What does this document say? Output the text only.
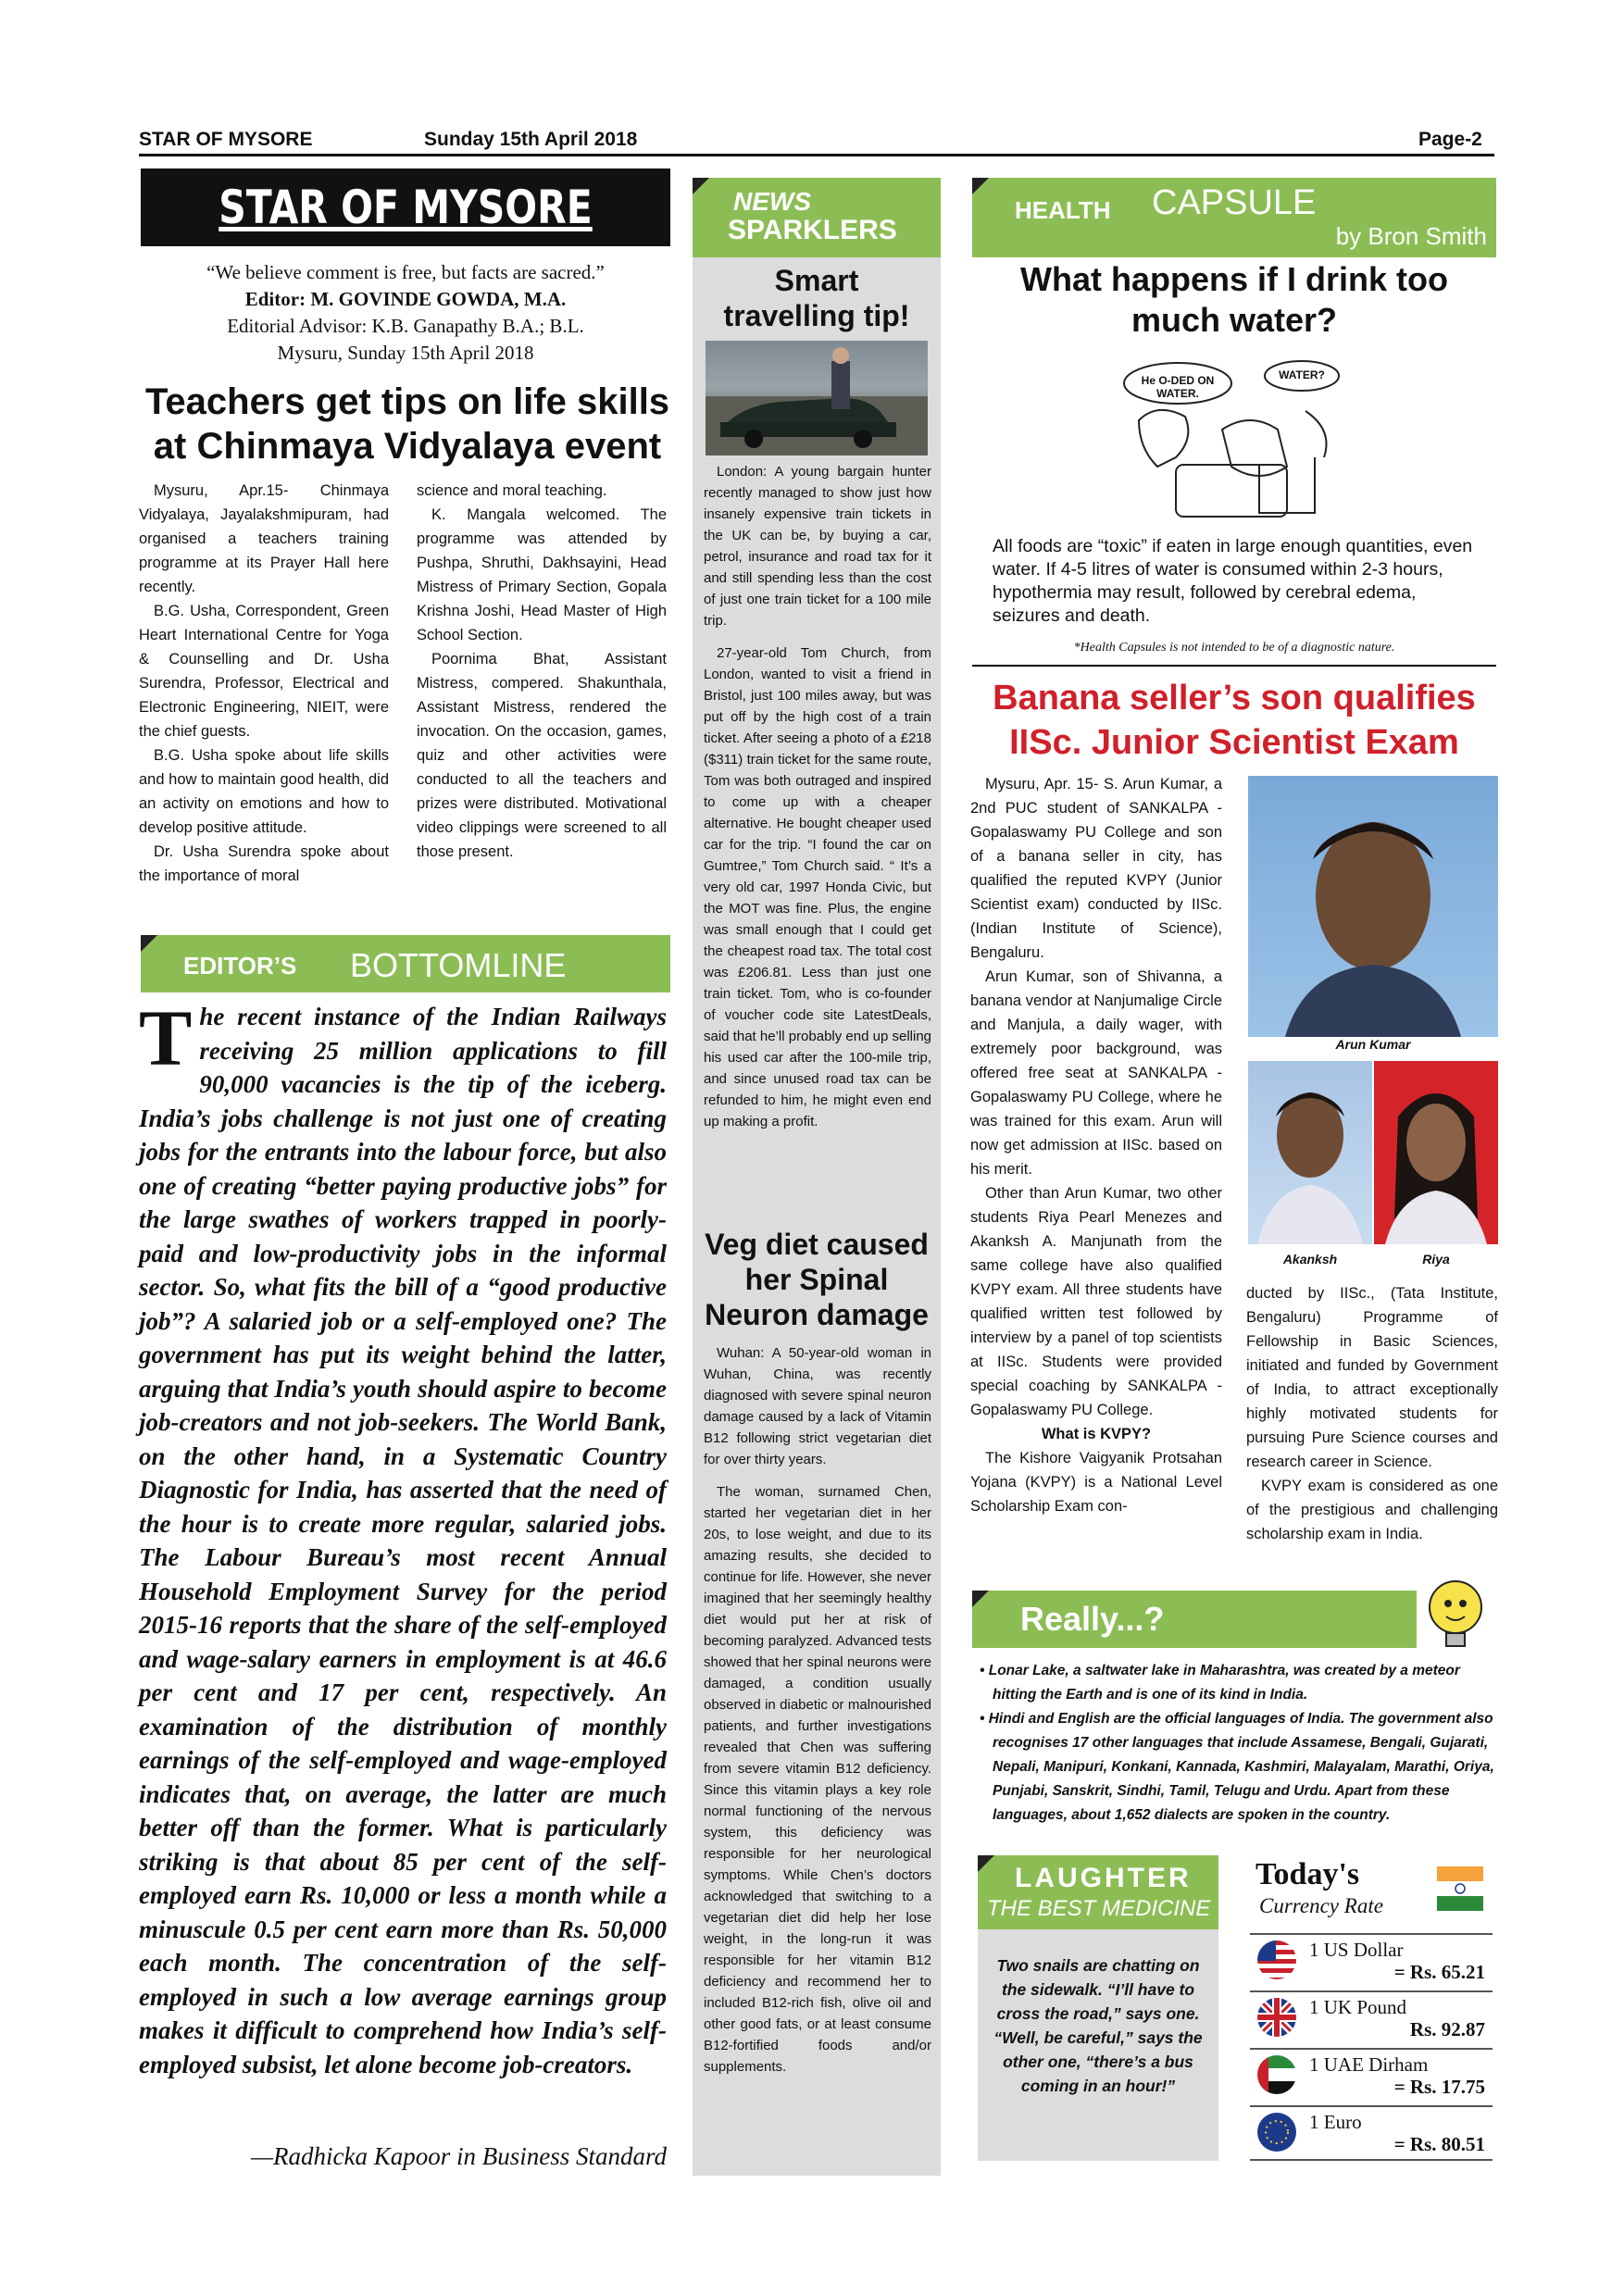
STAR OF MYSORE	Sunday 15th April 2018	Page-2
STAR OF MYSORE
“We believe comment is free, but facts are sacred.”
Editor: M. GOVINDE GOWDA, M.A.
Editorial Advisor: K.B. Ganapathy B.A.; B.L.
Mysuru, Sunday 15th April 2018
Teachers get tips on life skills
at Chinmaya Vidyalaya event

Mysuru, Apr.15- Chinmaya Vidyalaya, Jayalakshmipuram, had organised a teachers training programme at its Prayer Hall here recently.

B.G. Usha, Correspondent, Green Heart International Centre for Yoga & Counselling and Dr. Usha Surendra, Professor, Electrical and Electronic Engineering, NIEIT, were the chief guests.

B.G. Usha spoke about life skills and how to maintain good health, did an activity on emotions and how to develop positive attitude.

Dr. Usha Surendra spoke about the importance of moral

science and moral teaching.

K. Mangala welcomed. The programme was attended by Pushpa, Shruthi, Dakhsayini, Head Mistress of Primary Section, Gopala Krishna Joshi, Head Master of High School Section.

Poornima Bhat, Assistant Mistress, compered. Shakunthala, Assistant Mistress, rendered the invocation. On the occasion, games, quiz and other activities were conducted to all the teachers and prizes were distributed. Motivational video clippings were screened to all those present.

EDITOR’S BOTTOMLINE
The recent instance of the Indian Railways receiving 25 million applications to fill 90,000 vacancies is the tip of the iceberg. India’s jobs challenge is not just one of creating jobs for the entrants into the labour force, but also one of creating “better paying productive jobs” for the large swathes of workers trapped in poorly-paid and low-productivity jobs in the informal sector. So, what fits the bill of a “good productive job”? A salaried job or a self-employed one? The government has put its weight behind the latter, arguing that India’s youth should aspire to become job-creators and not job-seekers. The World Bank, on the other hand, in a Systematic Country Diagnostic for India, has asserted that the need of the hour is to create more regular, salaried jobs. The Labour Bureau’s most recent Annual Household Employment Survey for the period 2015-16 reports that the share of the self-employed and wage-salary earners in employment is at 46.6 per cent and 17 per cent, respectively. An examination of the distribution of monthly earnings of the self-employed and wage-employed indicates that, on average, the latter are much better off than the former. What is particularly striking is that about 85 per cent of the self-employed earn Rs. 10,000 or less a month while a minuscule 0.5 per cent earn more than Rs. 50,000 each month. The concentration of the self-employed in such a low average earnings group makes it difficult to comprehend how India’s self-employed subsist, let alone become job-creators.
—Radhicka Kapoor in Business Standard
NEWS
SPARKLERS
Smart
travelling tip!

London: A young bargain hunter recently managed to show just how insanely expensive train tickets in the UK can be, by buying a car, petrol, insurance and road tax for it and still spending less than the cost of just one train ticket for a 100 mile trip.

27-year-old Tom Church, from London, wanted to visit a friend in Bristol, just 100 miles away, but was put off by the high cost of a train ticket. After seeing a photo of a £218 ($311) train ticket for the same route, Tom was both outraged and inspired to come up with a cheaper alternative. He bought cheaper used car for the trip. “I found the car on Gumtree,” Tom Church said. “ It’s a very old car, 1997 Honda Civic, but the MOT was fine. Plus, the engine was small enough that I could get the cheapest road tax. The total cost was £206.81. Less than just one train ticket. Tom, who is co-founder of voucher code site LatestDeals, said that he’ll probably end up selling his used car after the 100-mile trip, and since unused road tax can be refunded to him, he might even end up making a profit.

Veg diet caused
her Spinal
Neuron damage

Wuhan: A 50-year-old woman in Wuhan, China, was recently diagnosed with severe spinal neuron damage caused by a lack of Vitamin B12 following strict vegetarian diet for over thirty years.

The woman, surnamed Chen, started her vegetarian diet in her 20s, to lose weight, and due to its amazing results, she decided to continue for life. However, she never imagined that her seemingly healthy diet would put her at risk of becoming paralyzed. Advanced tests showed that her spinal neurons were damaged, a condition usually observed in diabetic or malnourished patients, and further investigations revealed that Chen was suffering from severe vitamin B12 deficiency. Since this vitamin plays a key role normal functioning of the nervous system, this deficiency was responsible for her neurological symptoms. While Chen’s doctors acknowledged that switching to a vegetarian diet did help her lose weight, in the long-run it was responsible for her vitamin B12 deficiency and recommend her to included B12-rich fish, olive oil and other good fats, or at least consume B12-fortified foods and/or supplements.

HEALTH CAPSULE
by Bron Smith
What happens if I drink too
much water?
He O-DED ON WATER.
WATER?
All foods are “toxic” if eaten in large enough quantities, even water. If 4-5 litres of water is consumed within 2-3 hours, hypothermia may result, followed by cerebral edema, seizures and death.
*Health Capsules is not intended to be of a diagnostic nature.
Banana seller’s son qualifies
IISc. Junior Scientist Exam

Mysuru, Apr. 15- S. Arun Kumar, a 2nd PUC student of SANKALPA - Gopalaswamy PU College and son of a banana seller in city, has qualified the reputed KVPY (Junior Scientist exam) conducted by IISc. (Indian Institute of Science), Bengaluru.

Arun Kumar, son of Shivanna, a banana vendor at Nanjumalige Circle and Manjula, a daily wager, with extremely poor background, was offered free seat at SANKALPA - Gopalaswamy PU College, where he was trained for this exam. Arun will now get admission at IISc. based on his merit.

Other than Arun Kumar, two other students Riya Pearl Menezes and Akanksh A. Manjunath from the same college have also qualified KVPY exam. All three students have qualified written test followed by interview by a panel of top scientists at IISc. Students were provided special coaching by SANKALPA - Gopalaswamy PU College.

What is KVPY?

The Kishore Vaigyanik Protsahan Yojana (KVPY) is a National Level Scholarship Exam con-

Arun Kumar
Akanksh	Riya

ducted by IISc., (Tata Institute, Bengaluru) Programme of Fellowship in Basic Sciences, initiated and funded by Government of India, to attract exceptionally highly motivated students for pursuing Pure Science courses and research career in Science.

KVPY exam is considered as one of the prestigious and challenging scholarship exam in India.

Really...?
• Lonar Lake, a saltwater lake in Maharashtra, was created by a meteor hitting the Earth and is one of its kind in India.
• Hindi and English are the official languages of India. The government also recognises 17 other languages that include Assamese, Bengali, Gujarati, Nepali, Manipuri, Konkani, Kannada, Kashmiri, Malayalam, Marathi, Oriya, Punjabi, Sanskrit, Sindhi, Tamil, Telugu and Urdu. Apart from these languages, about 1,652 dialects are spoken in the country.
LAUGHTER
THE BEST MEDICINE
Two snails are chatting on the sidewalk. “I’ll have to cross the road,” says one. “Well, be careful,” says the other one, “there’s a bus coming in an hour!”
Today's
Currency Rate
1 US Dollar
= Rs. 65.21
1 UK Pound
Rs. 92.87
1 UAE Dirham
= Rs. 17.75
1 Euro
= Rs. 80.51
